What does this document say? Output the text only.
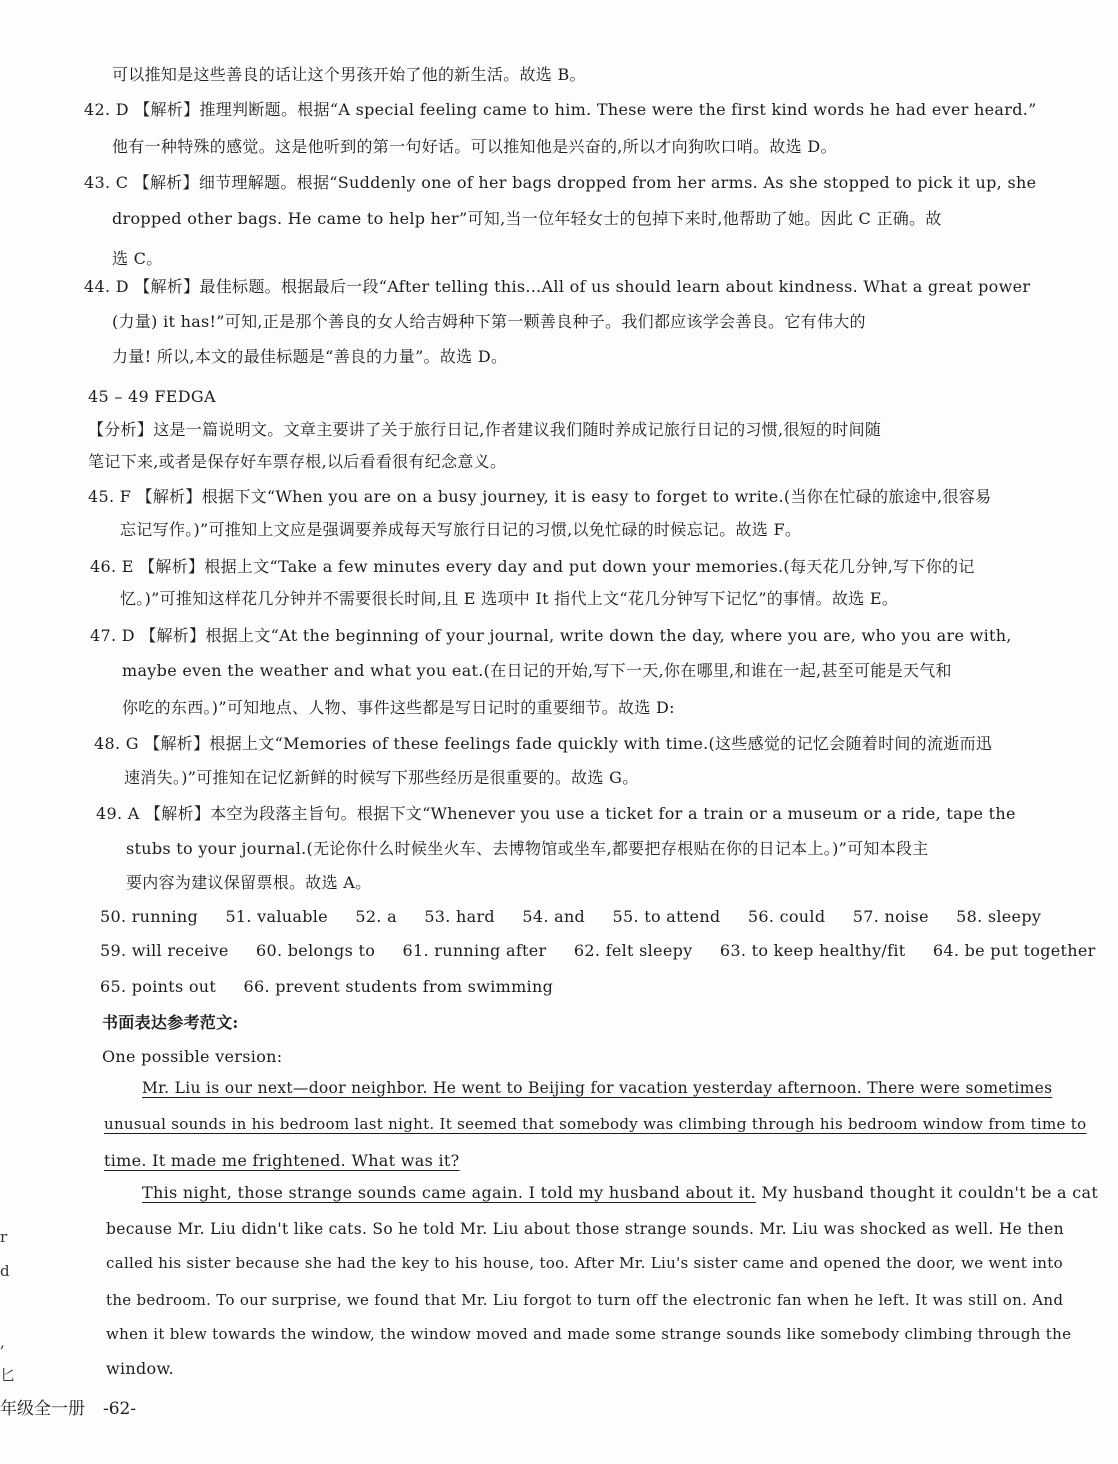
可以推知是这些善良的话让这个男孩开始了他的新生活。故选 B。
42. D 【解析】推理判断题。根据“A special feeling came to him. These were the first kind words he had ever heard.”
他有一种特殊的感觉。这是他听到的第一句好话。可以推知他是兴奋的,所以才向狗吹口哨。故选 D。
43. C 【解析】细节理解题。根据“Suddenly one of her bags dropped from her arms. As she stopped to pick it up, she
dropped other bags. He came to help her”可知,当一位年轻女士的包掉下来时,他帮助了她。因此 C 正确。故
选 C。
44. D 【解析】最佳标题。根据最后一段“After telling this...All of us should learn about kindness. What a great power
(力量) it has!”可知,正是那个善良的女人给吉姆种下第一颗善良种子。我们都应该学会善良。它有伟大的
力量! 所以,本文的最佳标题是“善良的力量”。故选 D。
45 – 49 FEDGA
【分析】这是一篇说明文。文章主要讲了关于旅行日记,作者建议我们随时养成记旅行日记的习惯,很短的时间随
笔记下来,或者是保存好车票存根,以后看看很有纪念意义。
45. F 【解析】根据下文“When you are on a busy journey, it is easy to forget to write.(当你在忙碌的旅途中,很容易
忘记写作。)”可推知上文应是强调要养成每天写旅行日记的习惯,以免忙碌的时候忘记。故选 F。
46. E 【解析】根据上文“Take a few minutes every day and put down your memories.(每天花几分钟,写下你的记
忆。)”可推知这样花几分钟并不需要很长时间,且 E 选项中 It 指代上文“花几分钟写下记忆”的事情。故选 E。
47. D 【解析】根据上文“At the beginning of your journal, write down the day, where you are, who you are with,
maybe even the weather and what you eat.(在日记的开始,写下一天,你在哪里,和谁在一起,甚至可能是天气和
你吃的东西。)”可知地点、人物、事件这些都是写日记时的重要细节。故选 D:
48. G 【解析】根据上文“Memories of these feelings fade quickly with time.(这些感觉的记忆会随着时间的流逝而迅
速消失。)”可推知在记忆新鲜的时候写下那些经历是很重要的。故选 G。
49. A 【解析】本空为段落主旨句。根据下文“Whenever you use a ticket for a train or a museum or a ride, tape the
stubs to your journal.(无论你什么时候坐火车、去博物馆或坐车,都要把存根贴在你的日记本上。)”可知本段主
要内容为建议保留票根。故选 A。
50. running 51. valuable 52. a 53. hard 54. and 55. to attend 56. could 57. noise 58. sleepy
59. will receive 60. belongs to 61. running after 62. felt sleepy 63. to keep healthy/fit 64. be put together
65. points out 66. prevent students from swimming
书面表达参考范文:
One possible version:
Mr. Liu is our next—door neighbor. He went to Beijing for vacation yesterday afternoon. There were sometimes
unusual sounds in his bedroom last night. It seemed that somebody was climbing through his bedroom window from time to
time. It made me frightened. What was it?
This night, those strange sounds came again. I told my husband about it. My husband thought it couldn't be a cat
because Mr. Liu didn't like cats. So he told Mr. Liu about those strange sounds. Mr. Liu was shocked as well. He then
called his sister because she had the key to his house, too. After Mr. Liu's sister came and opened the door, we went into
the bedroom. To our surprise, we found that Mr. Liu forgot to turn off the electronic fan when he left. It was still on. And
when it blew towards the window, the window moved and made some strange sounds like somebody climbing through the
window.
r
d
,
匕
年级全一册 -62-
